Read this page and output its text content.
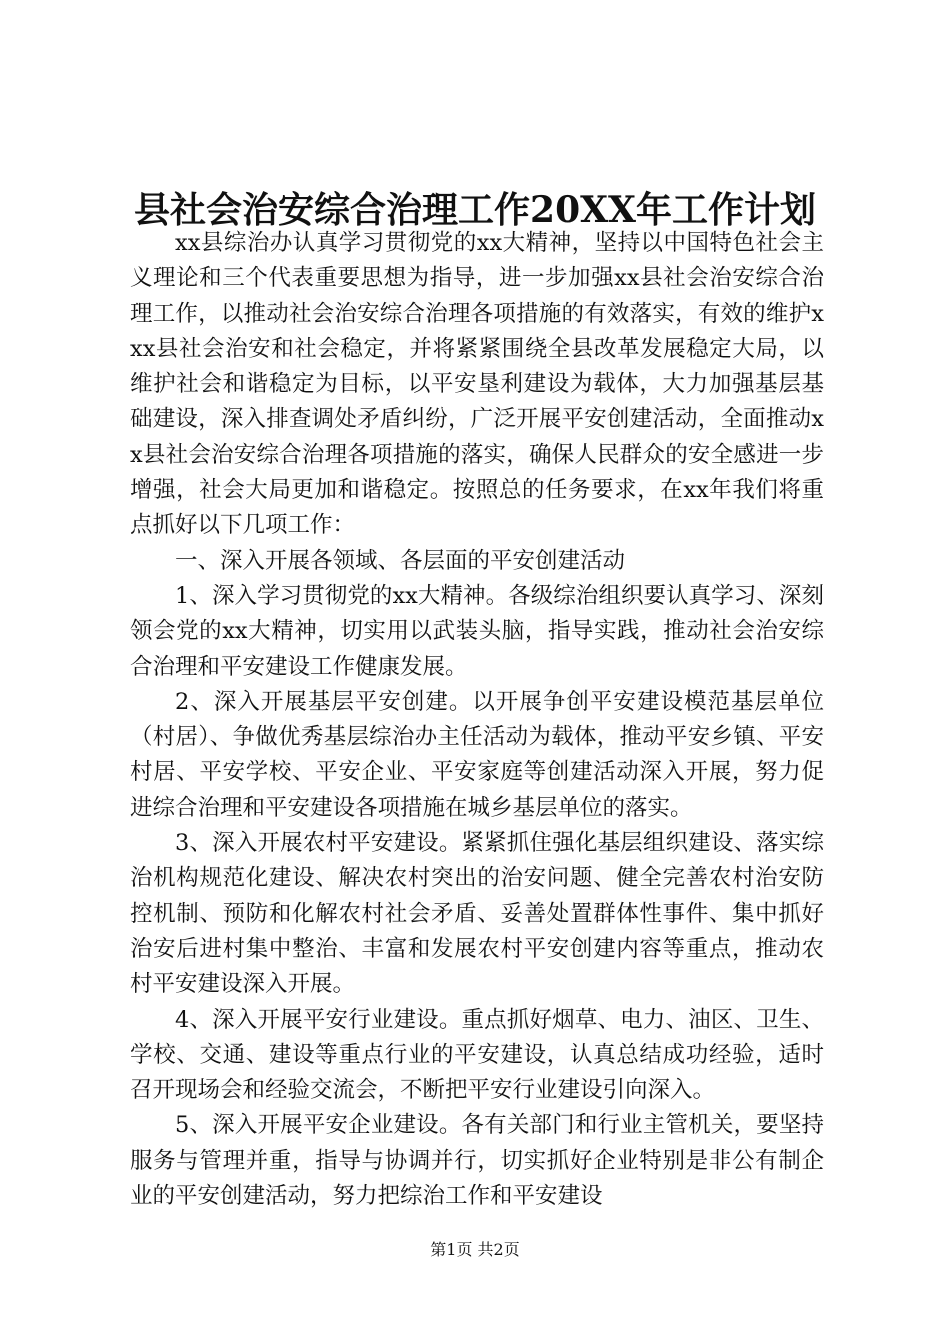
县社会治安综合治理工作20XX年工作计划

xx县综治办认真学习贯彻党的xx大精神，坚持以中国特色社会主义理论和三个代表重要思想为指导，进一步加强xx县社会治安综合治理工作，以推动社会治安综合治理各项措施的有效落实，有效的维护xxx县社会治安和社会稳定，并将紧紧围绕全县改革发展稳定大局，以维护社会和谐稳定为目标，以平安垦利建设为载体，大力加强基层基础建设，深入排查调处矛盾纠纷，广泛开展平安创建活动，全面推动xx县社会治安综合治理各项措施的落实，确保人民群众的安全感进一步增强，社会大局更加和谐稳定。按照总的任务要求，在xx年我们将重点抓好以下几项工作：

一、深入开展各领域、各层面的平安创建活动

1、深入学习贯彻党的xx大精神。各级综治组织要认真学习、深刻领会党的xx大精神，切实用以武装头脑，指导实践，推动社会治安综合治理和平安建设工作健康发展。

2、深入开展基层平安创建。以开展争创平安建设模范基层单位（村居）、争做优秀基层综治办主任活动为载体，推动平安乡镇、平安村居、平安学校、平安企业、平安家庭等创建活动深入开展，努力促进综合治理和平安建设各项措施在城乡基层单位的落实。

3、深入开展农村平安建设。紧紧抓住强化基层组织建设、落实综治机构规范化建设、解决农村突出的治安问题、健全完善农村治安防控机制、预防和化解农村社会矛盾、妥善处置群体性事件、集中抓好治安后进村集中整治、丰富和发展农村平安创建内容等重点，推动农村平安建设深入开展。

4、深入开展平安行业建设。重点抓好烟草、电力、油区、卫生、学校、交通、建设等重点行业的平安建设，认真总结成功经验，适时召开现场会和经验交流会，不断把平安行业建设引向深入。

5、深入开展平安企业建设。各有关部门和行业主管机关，要坚持服务与管理并重，指导与协调并行，切实抓好企业特别是非公有制企业的平安创建活动，努力把综治工作和平安建设

第1页 共2页
